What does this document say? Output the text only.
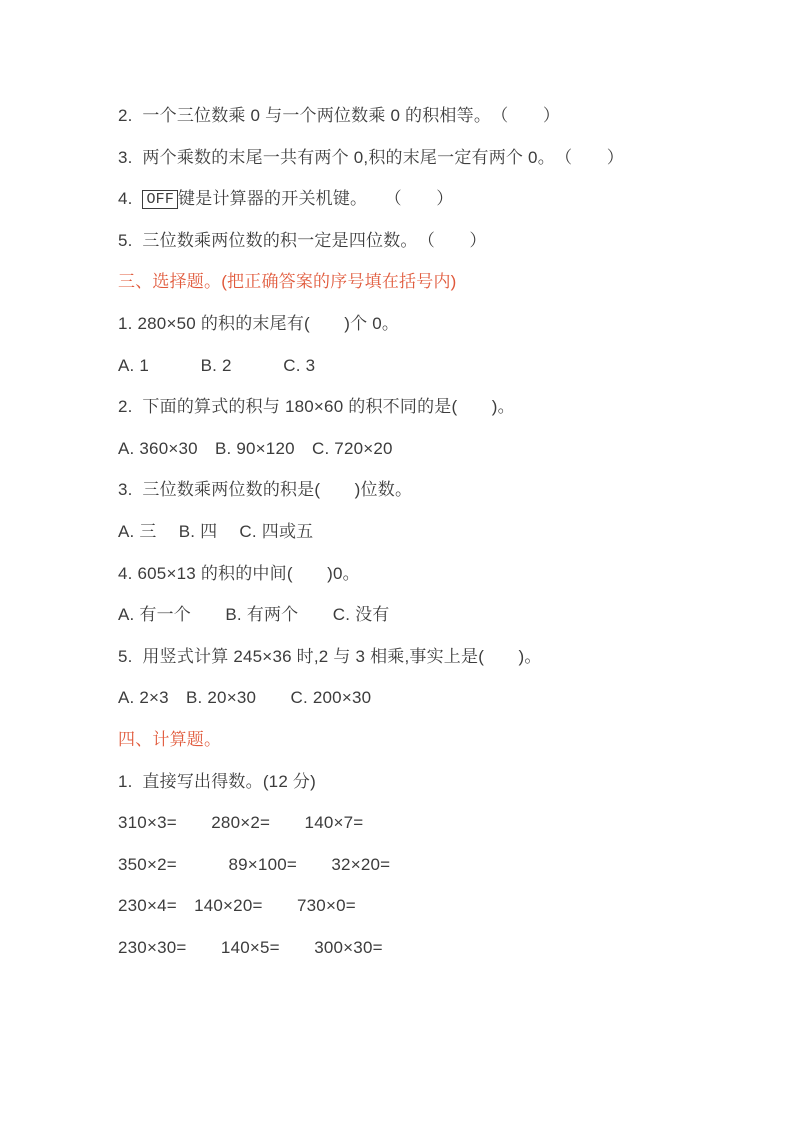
2.  一个三位数乘 0 与一个两位数乘 0 的积相等。　（　　）
3.  两个乘数的末尾一共有两个 0,积的末尾一定有两个 0。　（　　）
4.  OFF 键是计算器的开关机键。　　（　　）
5.  三位数乘两位数的积一定是四位数。　（　　）
三、选择题。(把正确答案的序号填在括号内)
1. 280×50 的积的末尾有(　　)个 0。
A. 1　　　B. 2　　　C. 3
2.  下面的算式的积与 180×60 的积不同的是(　　)。
A. 360×30　B. 90×120　C. 720×20
3.  三位数乘两位数的积是(　　)位数。
A. 三　 B. 四　 C. 四或五
4. 605×13 的积的中间(　　)0。
A. 有一个　　B. 有两个　　C. 没有
5.  用竖式计算 245×36 时,2 与 3 相乘,事实上是(　　)。
A. 2×3　B. 20×30　　C. 200×30
四、计算题。
1.  直接写出得数。(12 分)
310×3=　　280×2=　　140×7=
350×2=　　　89×100=　　32×20=
230×4=　140×20=　　730×0=
230×30=　　140×5=　　300×30=
